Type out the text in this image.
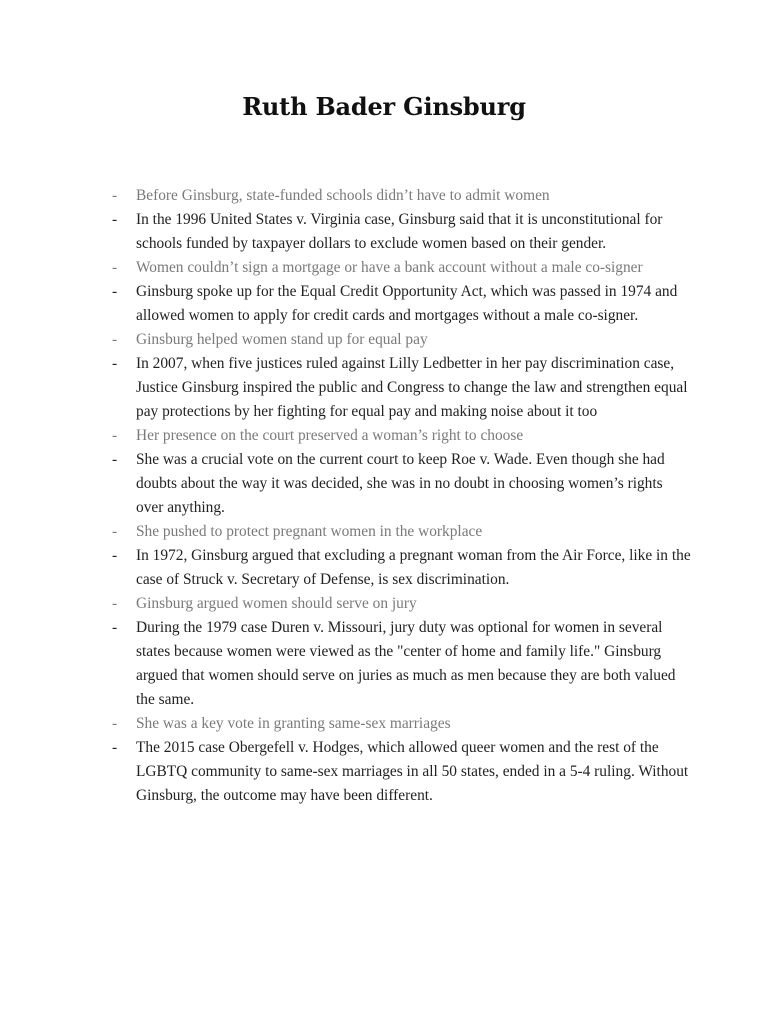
Ruth Bader Ginsburg
- Before Ginsburg, state-funded schools didn’t have to admit women
- In the 1996 United States v. Virginia case, Ginsburg said that it is unconstitutional for schools funded by taxpayer dollars to exclude women based on their gender.
- Women couldn’t sign a mortgage or have a bank account without a male co-signer
- Ginsburg spoke up for the Equal Credit Opportunity Act, which was passed in 1974 and allowed women to apply for credit cards and mortgages without a male co-signer.
- Ginsburg helped women stand up for equal pay
- In 2007, when five justices ruled against Lilly Ledbetter in her pay discrimination case, Justice Ginsburg inspired the public and Congress to change the law and strengthen equal pay protections by her fighting for equal pay and making noise about it too
- Her presence on the court preserved a woman’s right to choose
- She was a crucial vote on the current court to keep Roe v. Wade. Even though she had doubts about the way it was decided, she was in no doubt in choosing women’s rights over anything.
- She pushed to protect pregnant women in the workplace
- In 1972, Ginsburg argued that excluding a pregnant woman from the Air Force, like in the case of Struck v. Secretary of Defense, is sex discrimination.
- Ginsburg argued women should serve on jury
- During the 1979 case Duren v. Missouri, jury duty was optional for women in several states because women were viewed as the "center of home and family life." Ginsburg argued that women should serve on juries as much as men because they are both valued the same.
- She was a key vote in granting same-sex marriages
- The 2015 case Obergefell v. Hodges, which allowed queer women and the rest of the LGBTQ community to same-sex marriages in all 50 states, ended in a 5-4 ruling. Without Ginsburg, the outcome may have been different.
